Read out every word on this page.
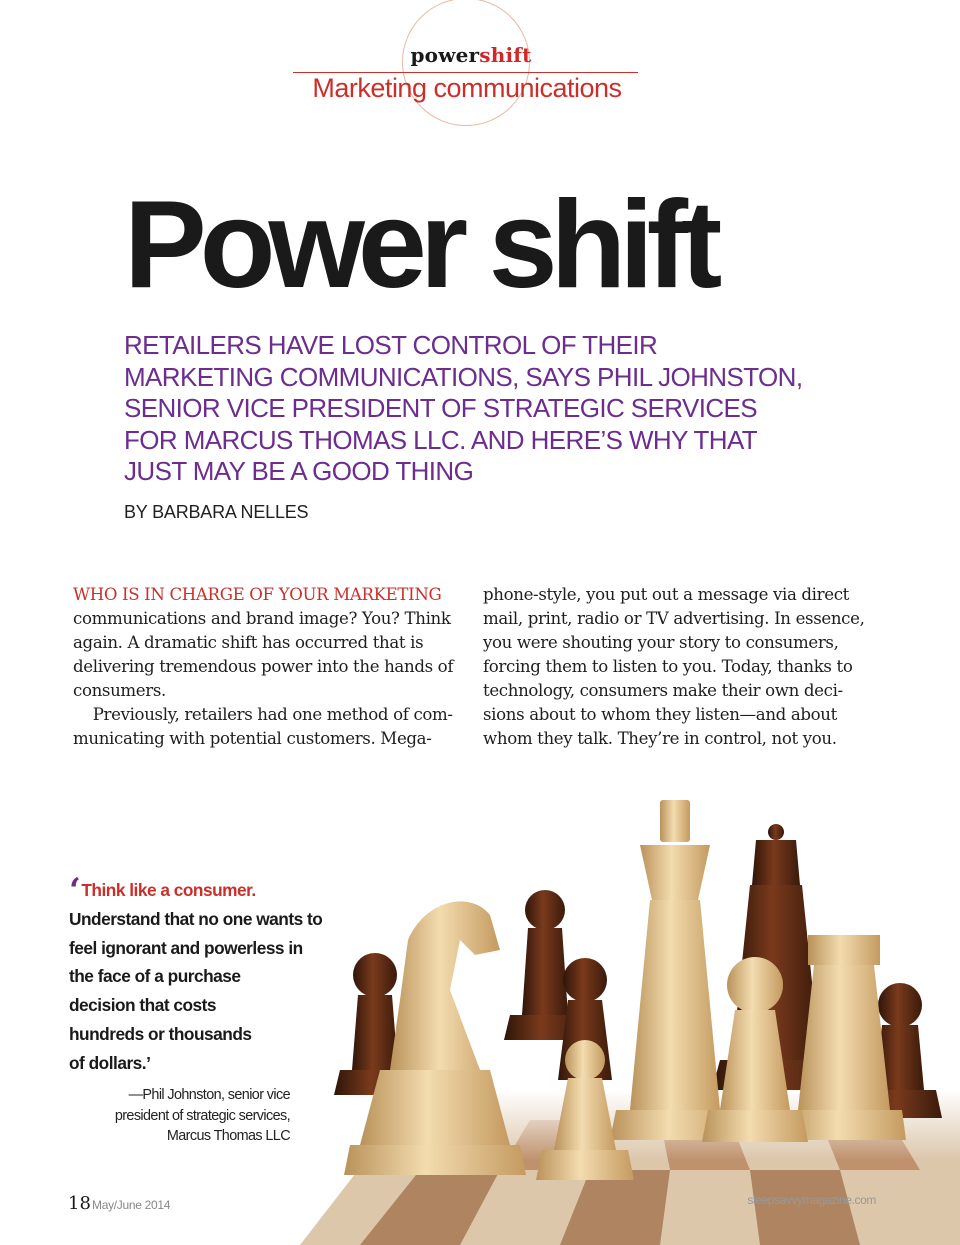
powershift
Marketing communications
Power shift
RETAILERS HAVE LOST CONTROL OF THEIR
MARKETING COMMUNICATIONS, SAYS PHIL JOHNSTON,
SENIOR VICE PRESIDENT OF STRATEGIC SERVICES
FOR MARCUS THOMAS LLC. AND HERE’S WHY THAT
JUST MAY BE A GOOD THING
BY BARBARA NELLES
WHO IS IN CHARGE OF YOUR MARKETING
communications and brand image? You? Think
again. A dramatic shift has occurred that is
delivering tremendous power into the hands of
consumers.
Previously, retailers had one method of com-
municating with potential customers. Mega-
phone-style, you put out a message via direct
mail, print, radio or TV advertising. In essence,
you were shouting your story to consumers,
forcing them to listen to you. Today, thanks to
technology, consumers make their own deci-
sions about to whom they listen—and about
whom they talk. They’re in control, not you.
‘Think like a consumer.
Understand that no one wants to
feel ignorant and powerless in
the face of a purchase
decision that costs
hundreds or thousands
of dollars.’
—Phil Johnston, senior vice
president of strategic services,
Marcus Thomas LLC
18 May/June 2014	sleepsavvymagazine.com
